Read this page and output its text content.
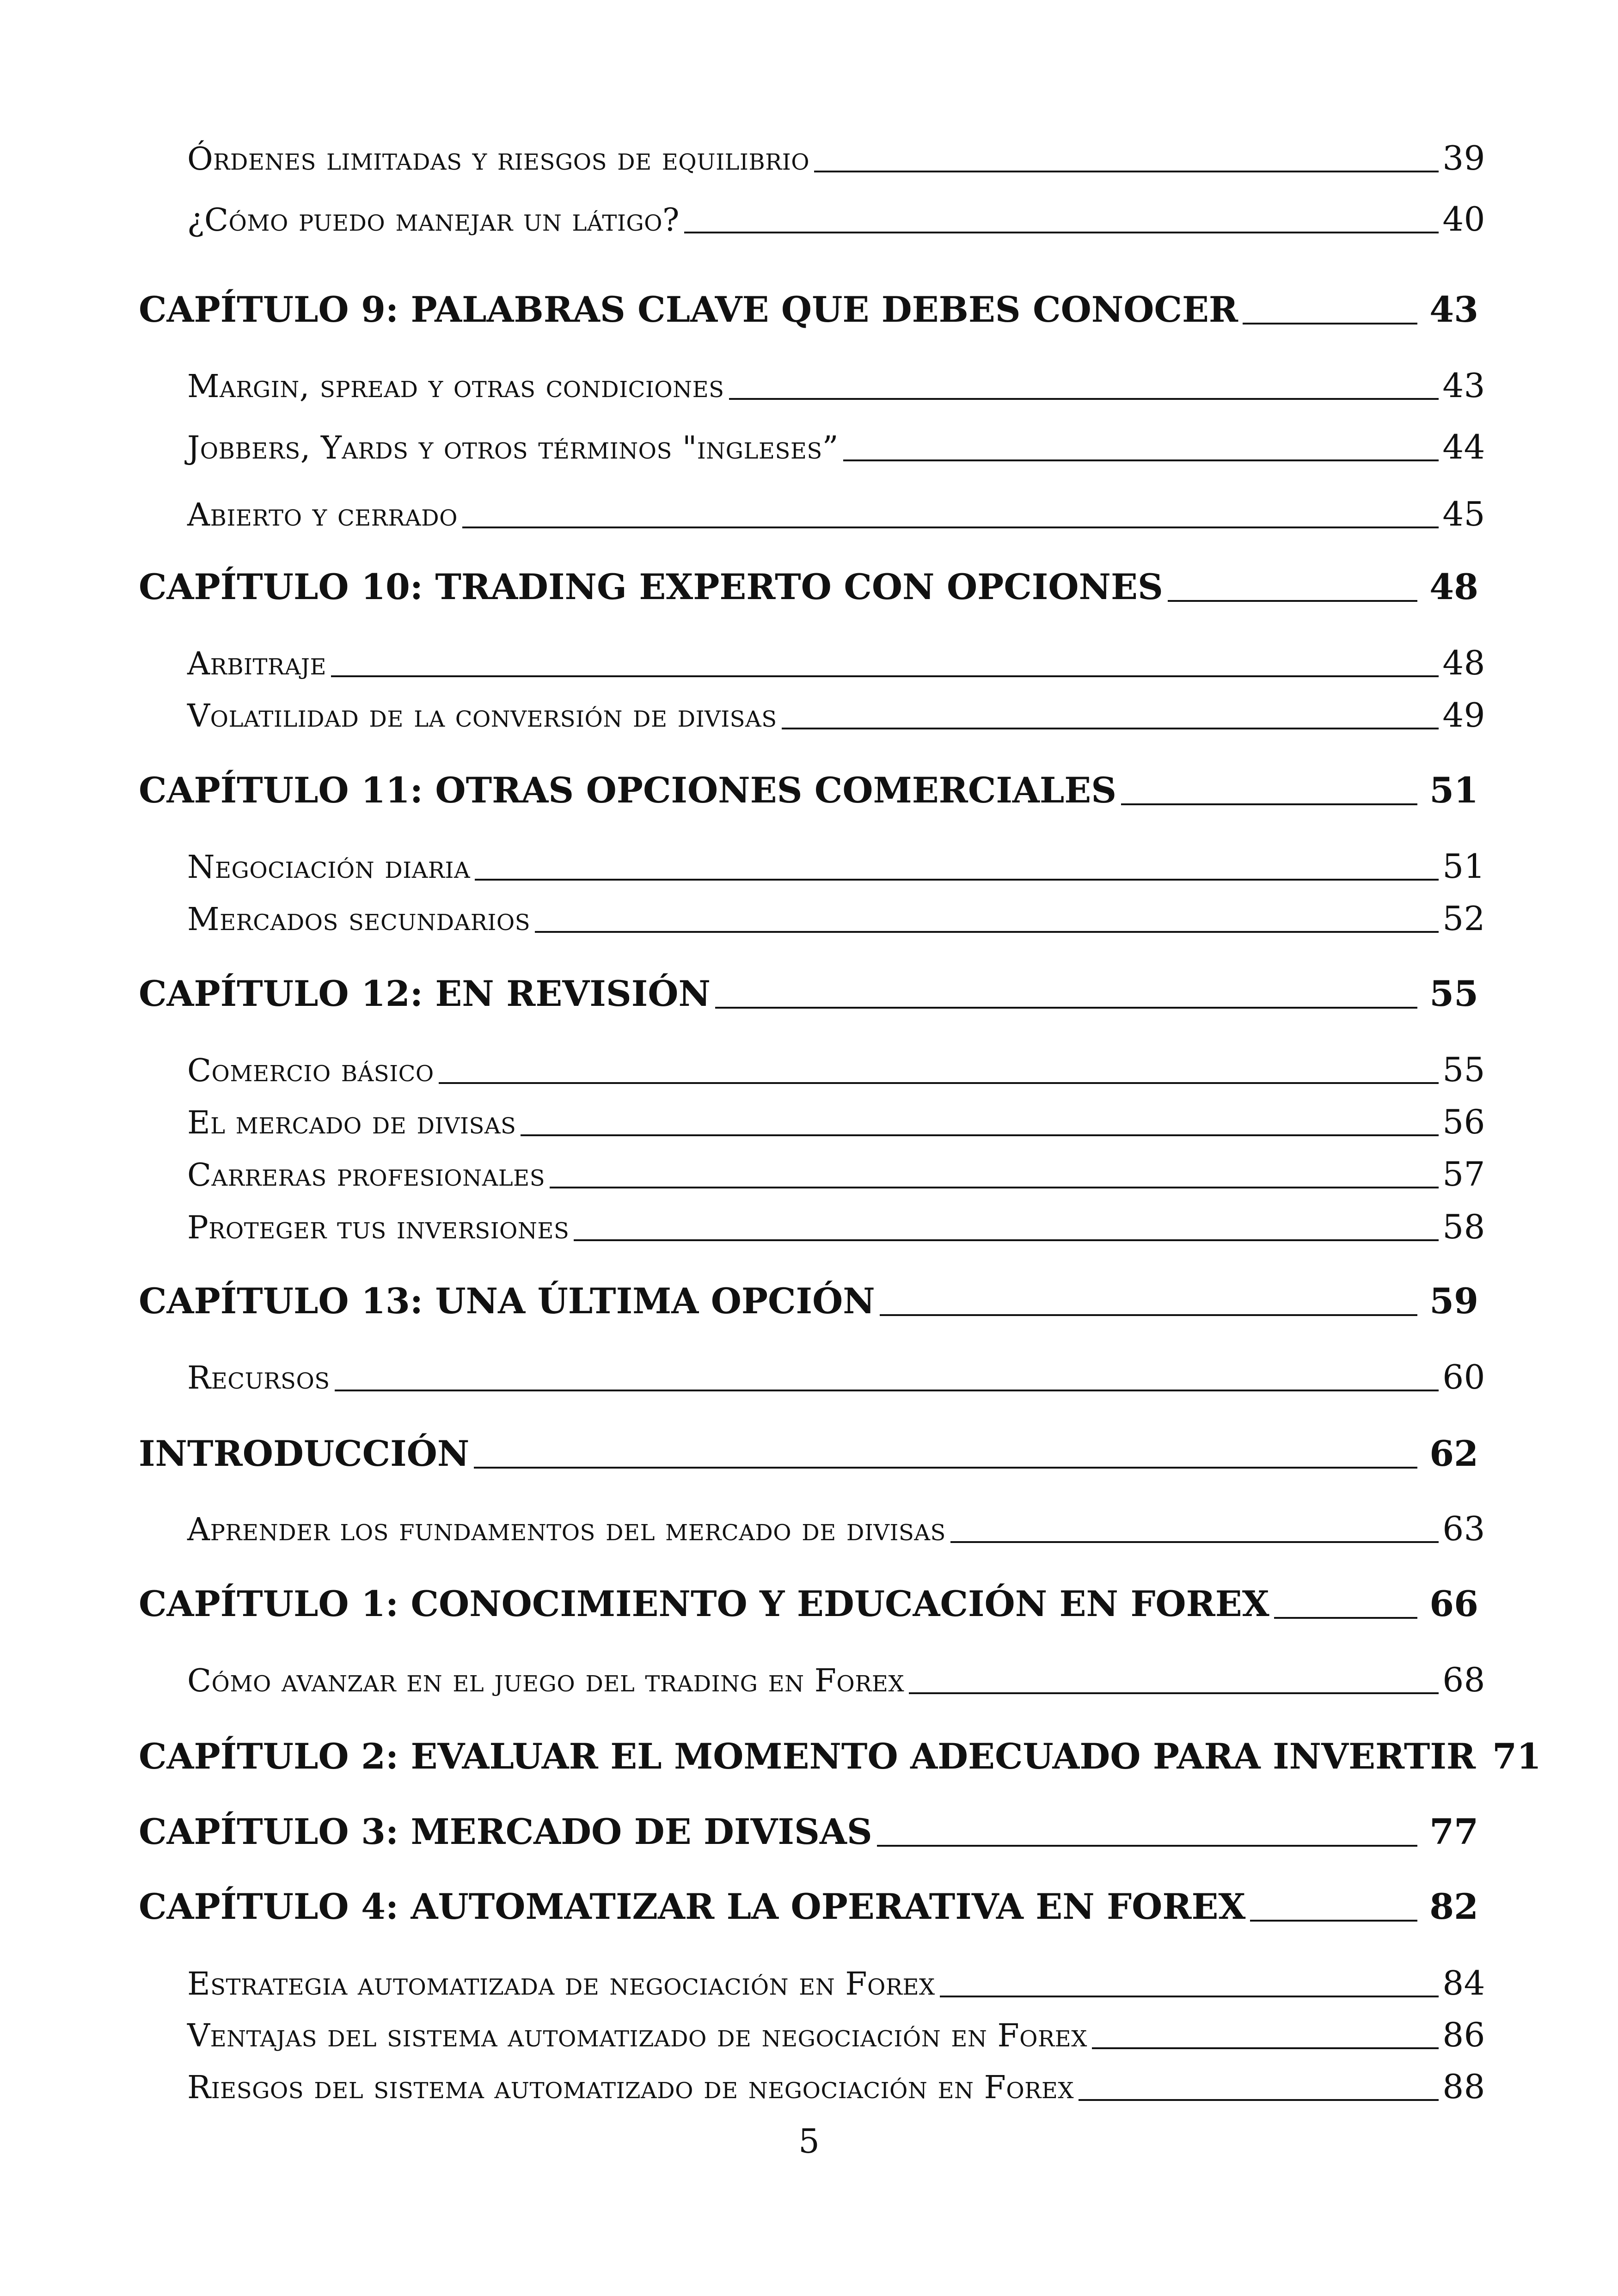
Órdenes limitadas y riesgos de equilibrio	39
¿Cómo puedo manejar un látigo?	40
CAPÍTULO 9: PALABRAS CLAVE QUE DEBES CONOCER	43
Margin, spread y otras condiciones	43
Jobbers, Yards y otros términos "ingleses”	44
Abierto y cerrado	45
CAPÍTULO 10: TRADING EXPERTO CON OPCIONES	48
Arbitraje	48
Volatilidad de la conversión de divisas	49
CAPÍTULO 11: OTRAS OPCIONES COMERCIALES	51
Negociación diaria	51
Mercados secundarios	52
CAPÍTULO 12: EN REVISIÓN	55
Comercio básico	55
El mercado de divisas	56
Carreras profesionales	57
Proteger tus inversiones	58
CAPÍTULO 13: UNA ÚLTIMA OPCIÓN	59
Recursos	60
INTRODUCCIÓN	62
Aprender los fundamentos del mercado de divisas	63
CAPÍTULO 1: CONOCIMIENTO Y EDUCACIÓN EN FOREX	66
Cómo avanzar en el juego del trading en Forex	68
CAPÍTULO 2: EVALUAR EL MOMENTO ADECUADO PARA INVERTIR 71
CAPÍTULO 3: MERCADO DE DIVISAS	77
CAPÍTULO 4: AUTOMATIZAR LA OPERATIVA EN FOREX	82
Estrategia automatizada de negociación en Forex	84
Ventajas del sistema automatizado de negociación en Forex	86
Riesgos del sistema automatizado de negociación en Forex	88
5
